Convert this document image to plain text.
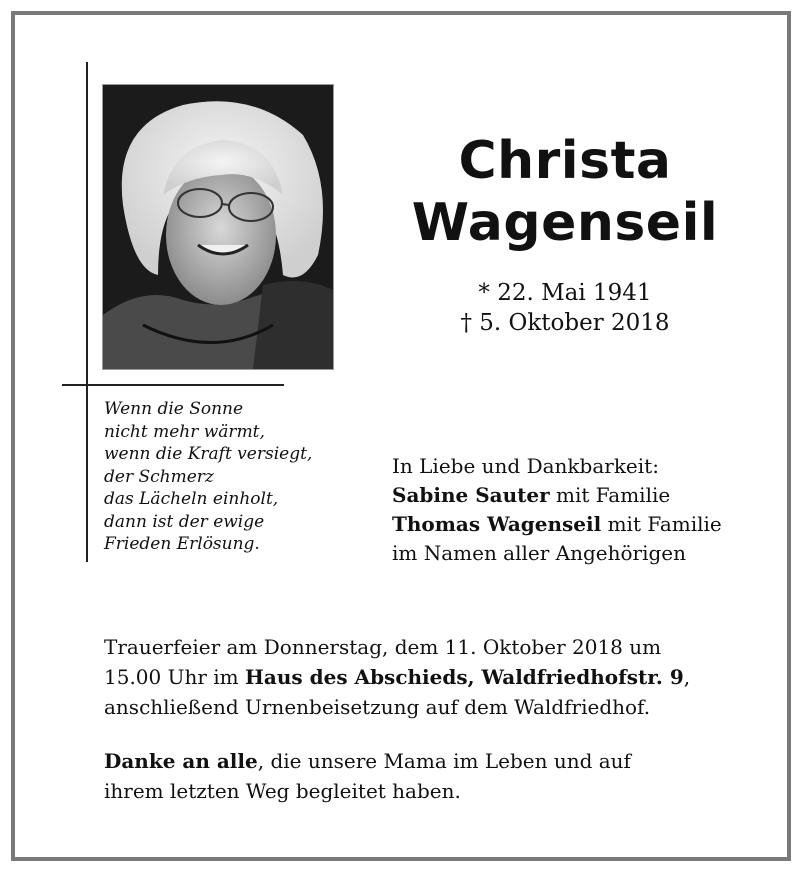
Christa
Wagenseil
* 22. Mai 1941
† 5. Oktober 2018
Wenn die Sonne
nicht mehr wärmt,
wenn die Kraft versiegt,
der Schmerz
das Lächeln einholt,
dann ist der ewige
Frieden Erlösung.
In Liebe und Dankbarkeit:
Sabine Sauter mit Familie
Thomas Wagenseil mit Familie
im Namen aller Angehörigen
Trauerfeier am Donnerstag, dem 11. Oktober 2018 um
15.00 Uhr im Haus des Abschieds, Waldfriedhofstr. 9,
anschließend Urnenbeisetzung auf dem Waldfriedhof.
Danke an alle, die unsere Mama im Leben und auf
ihrem letzten Weg begleitet haben.
